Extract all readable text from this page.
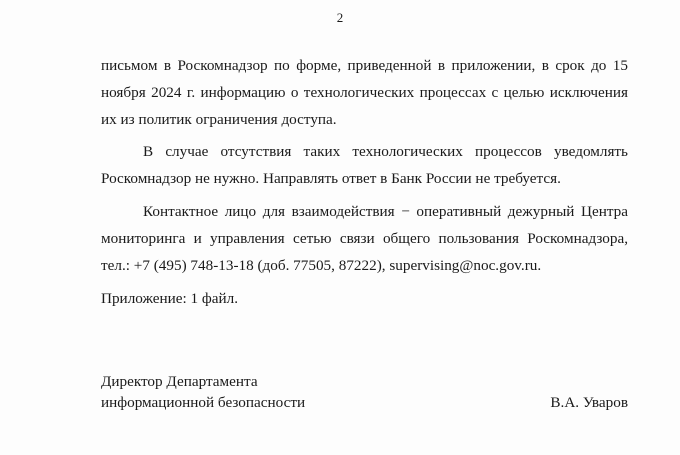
2

письмом в Роскомнадзор по форме, приведенной в приложении, в срок до 15 ноября 2024 г. информацию о технологических процессах с целью исключения их из политик ограничения доступа.

В случае отсутствия таких технологических процессов уведомлять Роскомнадзор не нужно. Направлять ответ в Банк России не требуется.

Контактное лицо для взаимодействия − оперативный дежурный Центра мониторинга и управления сетью связи общего пользования Роскомнадзора, тел.: +7 (495) 748-13-18 (доб. 77505, 87222), supervising@noc.gov.ru.

Приложение: 1 файл.

Директор Департамента
информационной безопасности	В.А. Уваров
